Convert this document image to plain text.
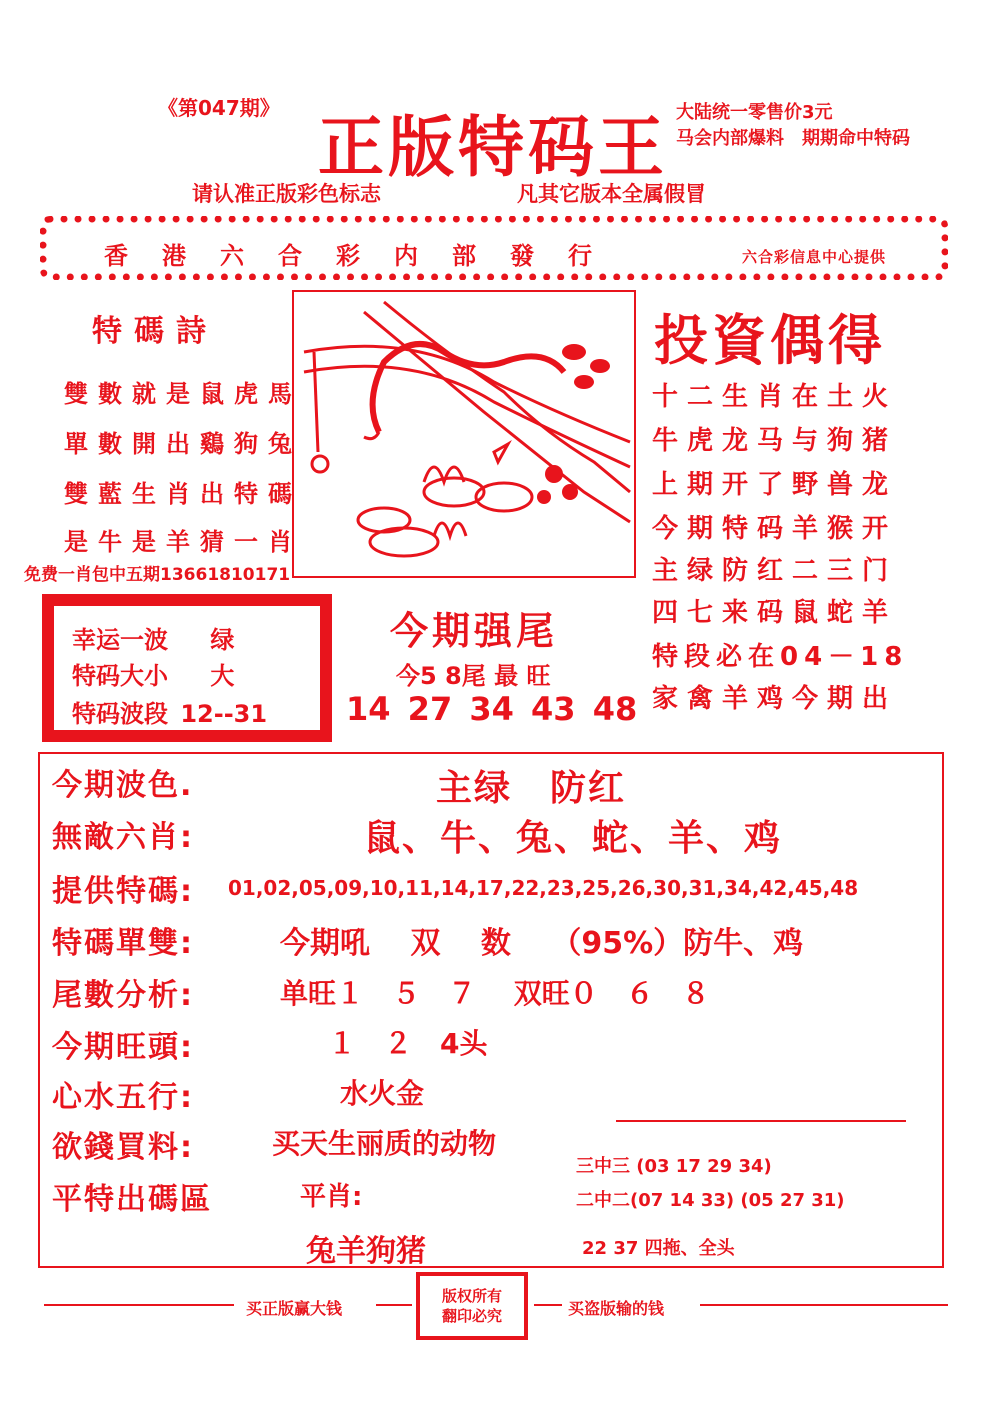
《第047期》 正版特码王 大陆统一零售价3元
马会内部爆料　期期命中特码
请认准正版彩色标志	凡其它版本全属假冒
香港六合彩内部發行	六合彩信息中心提供
特碼詩
雙數就是鼠虎馬
單數開出鷄狗兔
雙藍生肖出特碼
是牛是羊猜一肖
免费一肖包中五期13661810171
投資偶得
十二生肖在土火
牛虎龙马与狗猪
上期开了野兽龙
今期特码羊猴开
主绿防红二三门
四七来码鼠蛇羊
特段必在04－18
家禽羊鸡今期出
幸运一波 绿
特码大小 大
特码波段 12--31
今期强尾
今5 8尾 最 旺
14 27 34 43 48
今期波色.	主绿　防红
無敵六肖:	鼠、牛、兔、蛇、羊、鸡
提供特碼: 01,02,05,09,10,11,14,17,22,23,25,26,30,31,34,42,45,48
特碼單雙:	今期吼　 双　 数　 （95%）防牛、鸡
尾數分析:	单旺１　５　７　 双旺０　６　８
今期旺頭:	１　２　4头
心水五行:	水火金
欲錢買料:	买天生丽质的动物
平特出碼區	平肖:
兔羊狗猪
三中三 (03 17 29 34)
二中二(07 14 33) (05 27 31)
22 37 四拖、全头
买正版赢大钱
版权所有
翻印必究	买盗版输的钱
